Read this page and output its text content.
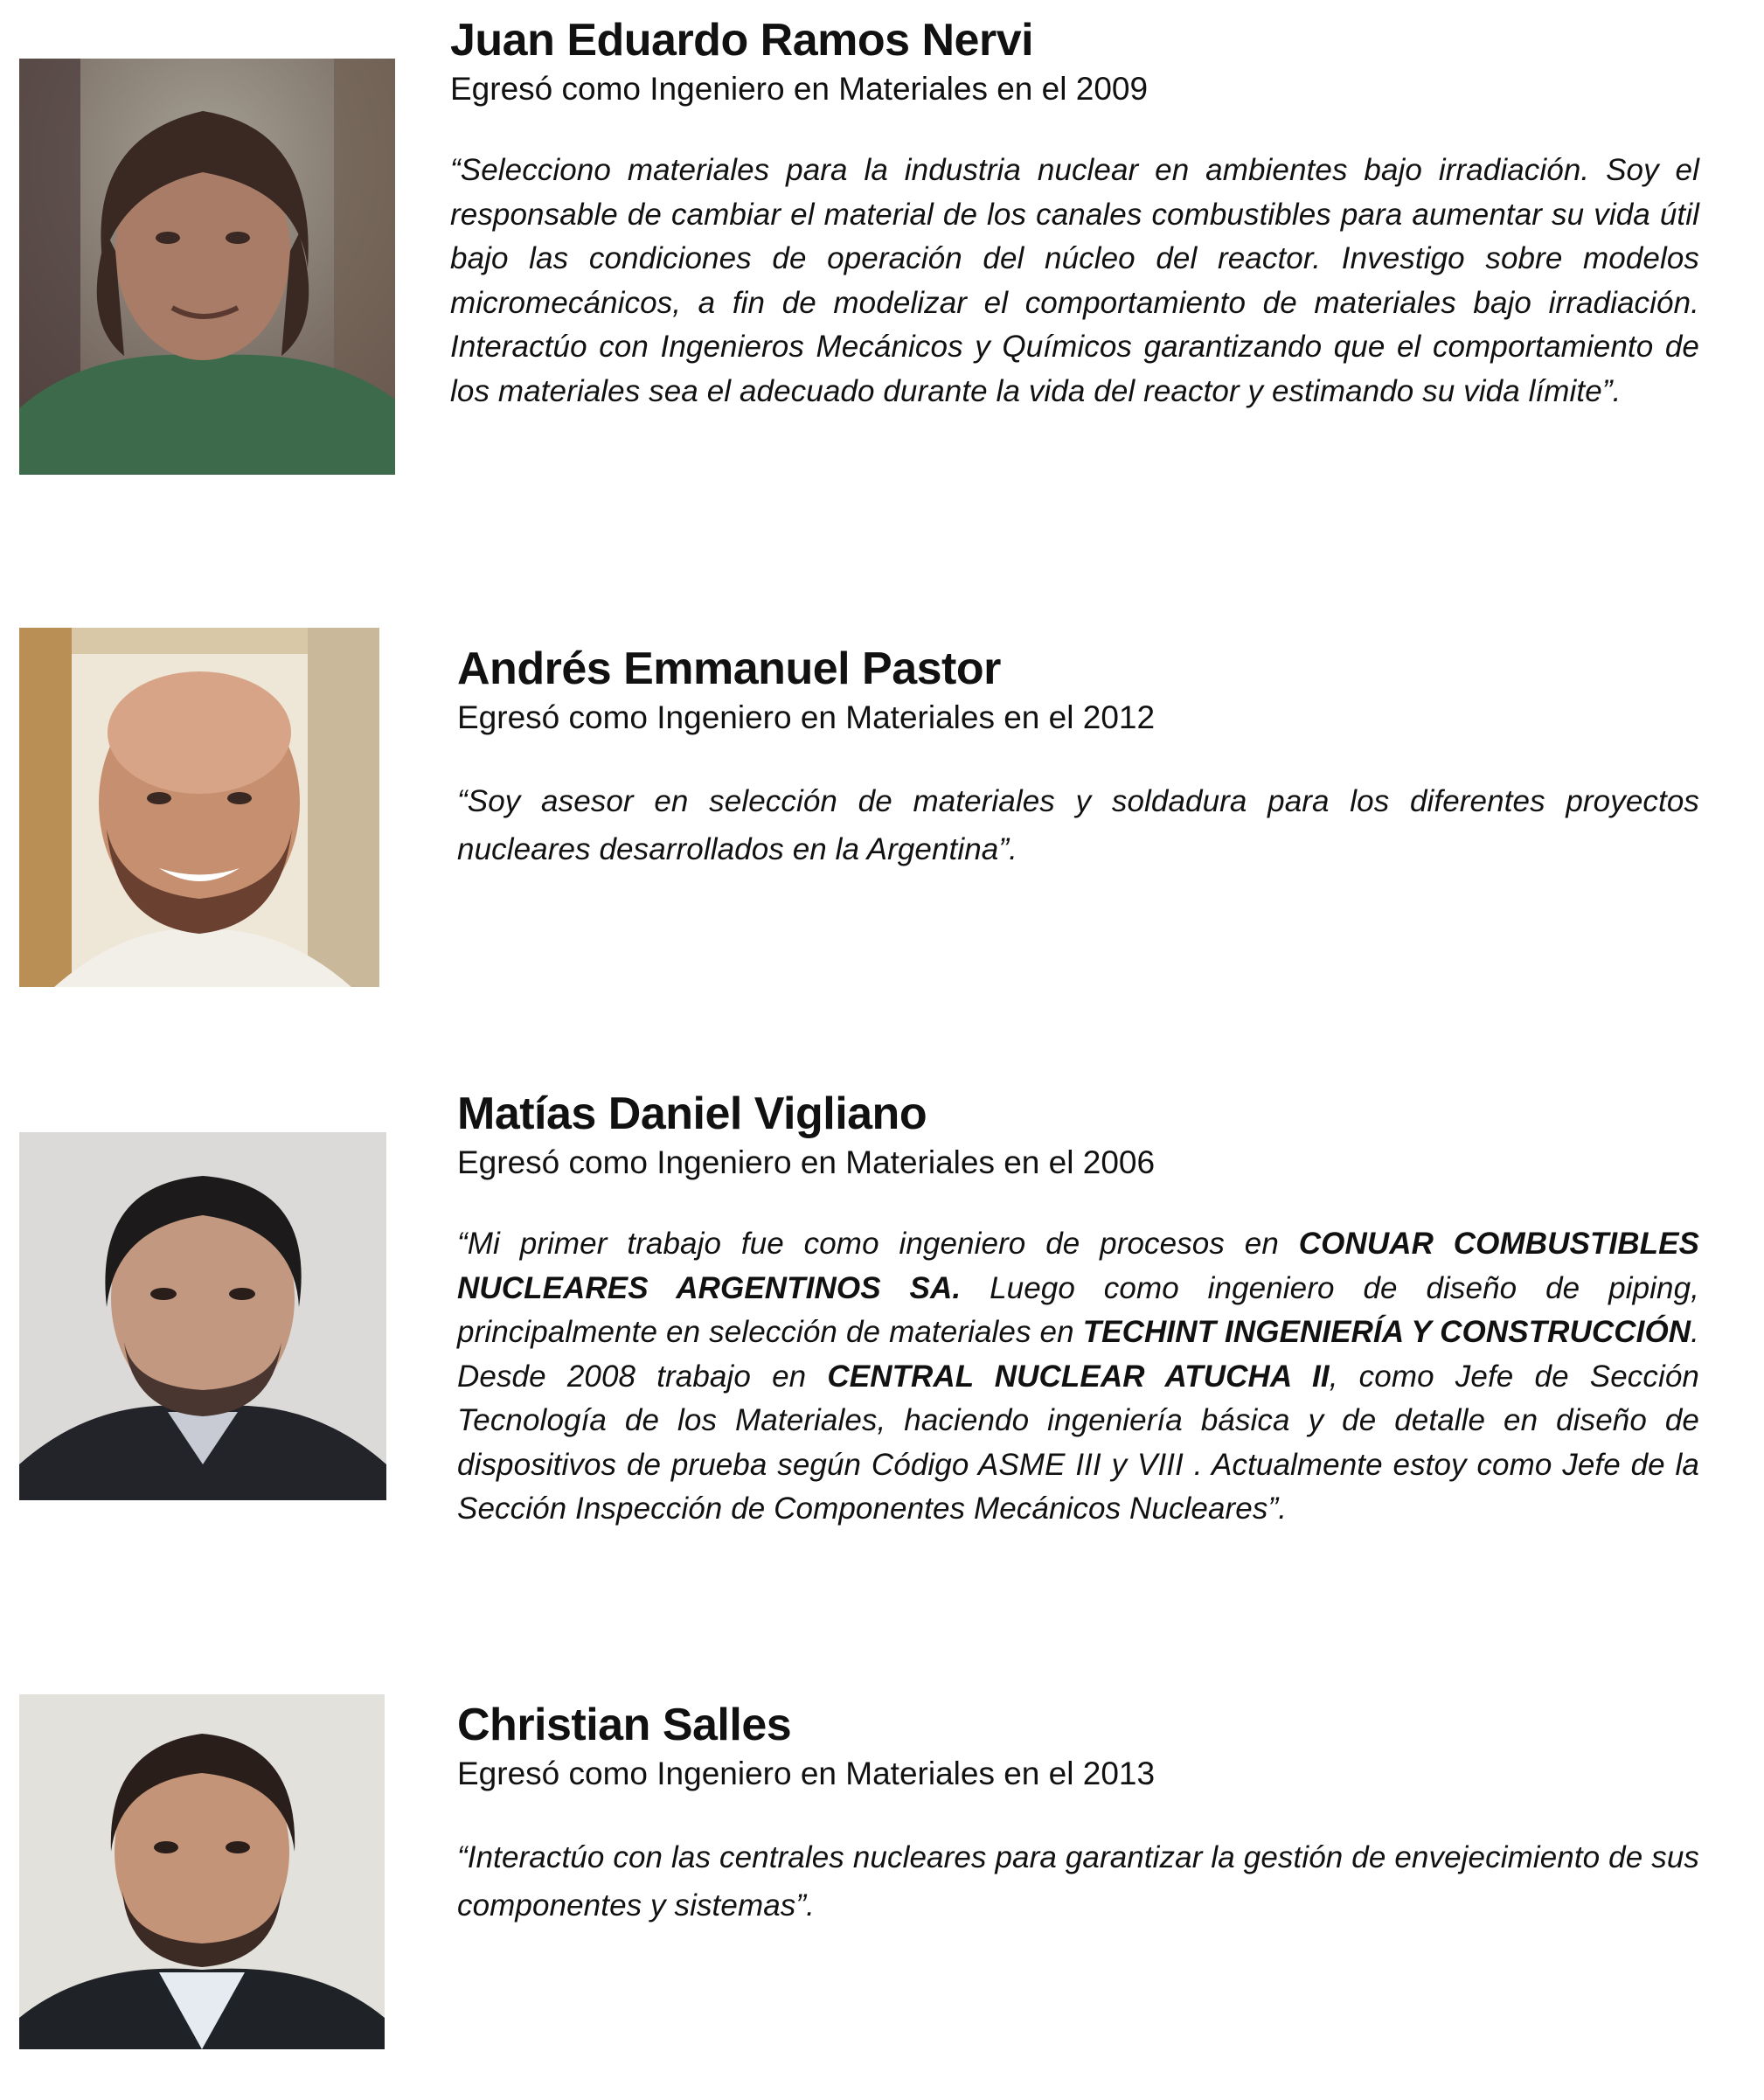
Juan Eduardo Ramos Nervi

Egresó como Ingeniero en Materiales en el 2009

“Selecciono materiales para la industria nuclear en ambientes bajo irradiación. Soy el responsable de cambiar el material de los canales combustibles para aumentar su vida útil bajo las condiciones de operación del núcleo del reactor. Investigo sobre modelos micromecánicos, a fin de modelizar el comportamiento de materiales bajo irradiación. Interactúo con Ingenieros Mecánicos y Químicos garantizando que el comportamiento de los materiales sea el adecuado durante la vida del reactor y estimando su vida límite”.

Andrés Emmanuel Pastor

Egresó como Ingeniero en Materiales en el 2012

“Soy asesor en selección de materiales y soldadura para los diferentes proyectos nucleares desarrollados en la Argentina”.

Matías Daniel Vigliano

Egresó como Ingeniero en Materiales en el 2006

“Mi primer trabajo fue como ingeniero de procesos en CONUAR COMBUSTIBLES NUCLEARES ARGENTINOS SA. Luego como ingeniero de diseño de piping, principalmente en selección de materiales en TECHINT INGENIERÍA Y CONSTRUCCIÓN. Desde 2008 trabajo en CENTRAL NUCLEAR ATUCHA II, como Jefe de Sección Tecnología de los Materiales, haciendo ingeniería básica y de detalle en diseño de dispositivos de prueba según Código ASME III y VIII . Actualmente estoy como Jefe de la Sección Inspección de Componentes Mecánicos Nucleares”.

Christian Salles

Egresó como Ingeniero en Materiales en el 2013

“Interactúo con las centrales nucleares para garantizar la gestión de envejecimiento de sus componentes y sistemas”.
